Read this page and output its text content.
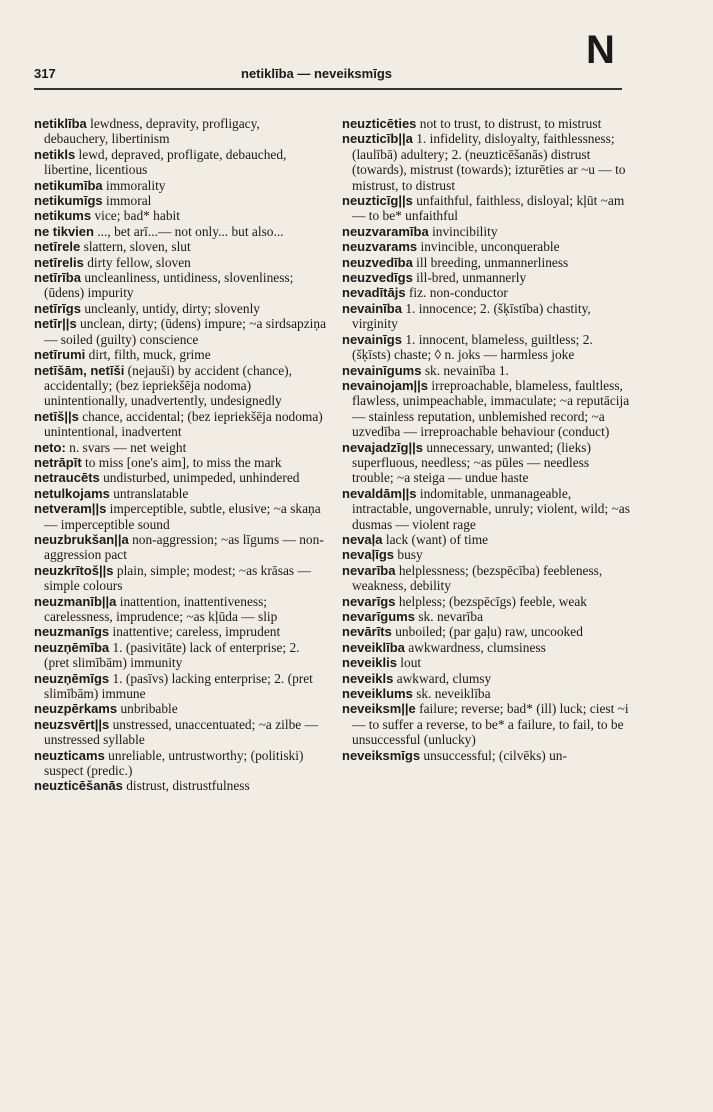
317	netiklība — neveiksmīgs
N
netiklība lewdness, depravity, profligacy, debauchery, libertinism
netikls lewd, depraved, profligate, debauched, libertine, licentious
netikumība immorality
netikumīgs immoral
netikums vice; bad* habit
ne tikvien ..., bet arī...— not only... but also...
netīrele slattern, sloven, slut
netīrelis dirty fellow, sloven
netīrība uncleanliness, untidiness, slovenliness; (ūdens) impurity
netīrīgs uncleanly, untidy, dirty; slovenly
netīr||s unclean, dirty; (ūdens) impure; ~a sirdsapziņa — soiled (guilty) conscience
netīrumi dirt, filth, muck, grime
netīšām, netīši (nejauši) by accident (chance), accidentally; (bez iepriekšēja nodoma) unintentionally, unadvertently, undesignedly
netīš||s chance, accidental; (bez iepriekšēja nodoma) unintentional, inadvertent
neto: n. svars — net weight
netrāpīt to miss [one's aim], to miss the mark
netraucēts undisturbed, unimpeded, unhindered
netulkojams untranslatable
netveram||s imperceptible, subtle, elusive; ~a skaņa — imperceptible sound
neuzbrukšan||a non-aggression; ~as līgums — non-aggression pact
neuzkrītoš||s plain, simple; modest; ~as krāsas — simple colours
neuzmanīb||a inattention, inattentiveness; carelessness, imprudence; ~as kļūda — slip
neuzmanīgs inattentive; careless, imprudent
neuzņēmība 1. (pasivitāte) lack of enterprise; 2. (pret slimībām) immunity
neuzņēmīgs 1. (pasīvs) lacking enterprise; 2. (pret slimībām) immune
neuzpērkams unbribable
neuzsvērt||s unstressed, unaccentuated; ~a zilbe — unstressed syllable
neuzticams unreliable, untrustworthy; (politiski) suspect (predic.)
neuzticēšanās distrust, distrustfulness
neuzticēties not to trust, to distrust, to mistrust
neuzticīb||a 1. infidelity, disloyalty, faithlessness; (laulībā) adultery; 2. (neuzticēšanās) distrust (towards), mistrust (towards); izturēties ar ~u — to mistrust, to distrust
neuzticīg||s unfaithful, faithless, disloyal; kļūt ~am — to be* unfaithful
neuzvaramība invincibility
neuzvarams invincible, unconquerable
neuzvedība ill breeding, unmannerliness
neuzvedīgs ill-bred, unmannerly
nevadītājs fiz. non-conductor
nevainība 1. innocence; 2. (šķīstība) chastity, virginity
nevainīgs 1. innocent, blameless, guiltless; 2. (šķīsts) chaste; ◊ n. joks — harmless joke
nevainīgums sk. nevainība 1.
nevainojam||s irreproachable, blameless, faultless, flawless, unimpeachable, immaculate; ~a reputācija — stainless reputation, unblemished record; ~a uzvedība — irreproachable behaviour (conduct)
nevajadzīg||s unnecessary, unwanted; (lieks) superfluous, needless; ~as pūles — needless trouble; ~a steiga — undue haste
nevaldām||s indomitable, unmanageable, intractable, ungovernable, unruly; violent, wild; ~as dusmas — violent rage
nevaļa lack (want) of time
nevaļīgs busy
nevarība helplessness; (bezspēcība) feebleness, weakness, debility
nevarīgs helpless; (bezspēcīgs) feeble, weak
nevarīgums sk. nevarība
nevārīts unboiled; (par gaļu) raw, uncooked
neveiklība awkwardness, clumsiness
neveiklis lout
neveikls awkward, clumsy
neveiklums sk. neveiklība
neveiksm||e failure; reverse; bad* (ill) luck; ciest ~i — to suffer a reverse, to be* a failure, to fail, to be unsuccessful (unlucky)
neveiksmīgs unsuccessful; (cilvēks) un-
